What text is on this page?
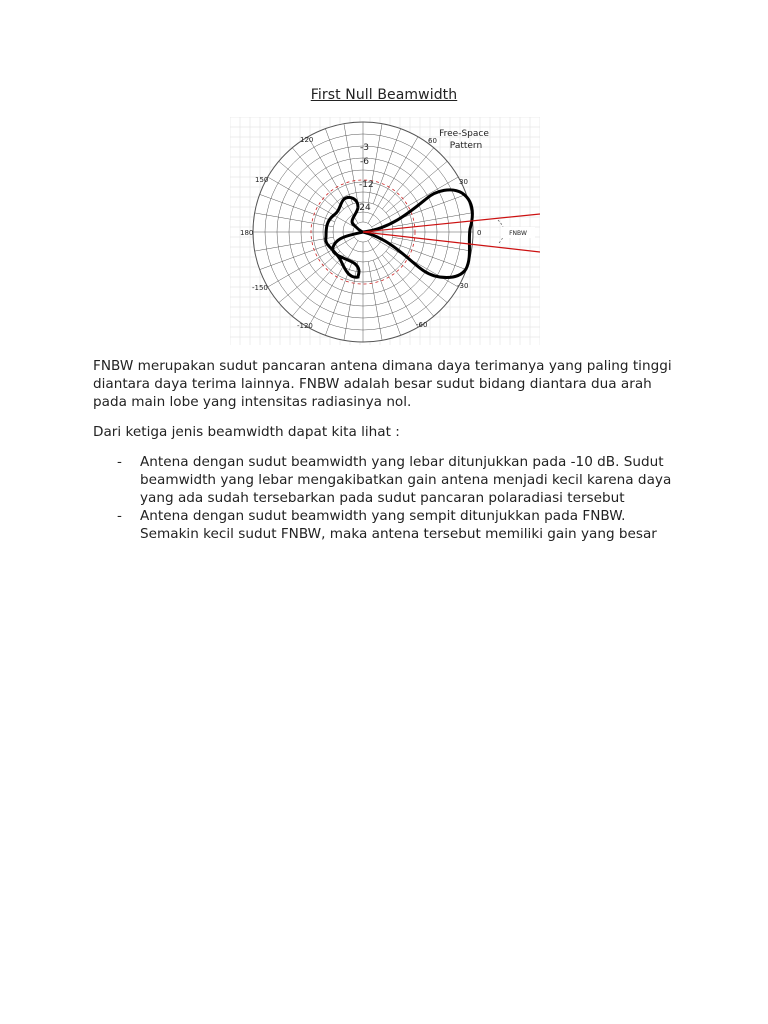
First Null Beamwidth
Free-Space
Pattern
FNBW
0
30
60
120
150
180
-150
-120	-60
-30
-3
-6
-12
-24

FNBW merupakan sudut pancaran antena dimana daya terimanya yang paling tinggi diantara daya terima lainnya. FNBW adalah besar sudut bidang diantara dua arah pada main lobe yang intensitas radiasinya nol.

Dari ketiga jenis beamwidth dapat kita lihat :

- Antena dengan sudut beamwidth yang lebar ditunjukkan pada -10 dB. Sudut beamwidth yang lebar mengakibatkan gain antena menjadi kecil karena daya yang ada sudah tersebarkan pada sudut pancaran polaradiasi tersebut
- Antena dengan sudut beamwidth yang sempit ditunjukkan pada FNBW. Semakin kecil sudut FNBW, maka antena tersebut memiliki gain yang besar
